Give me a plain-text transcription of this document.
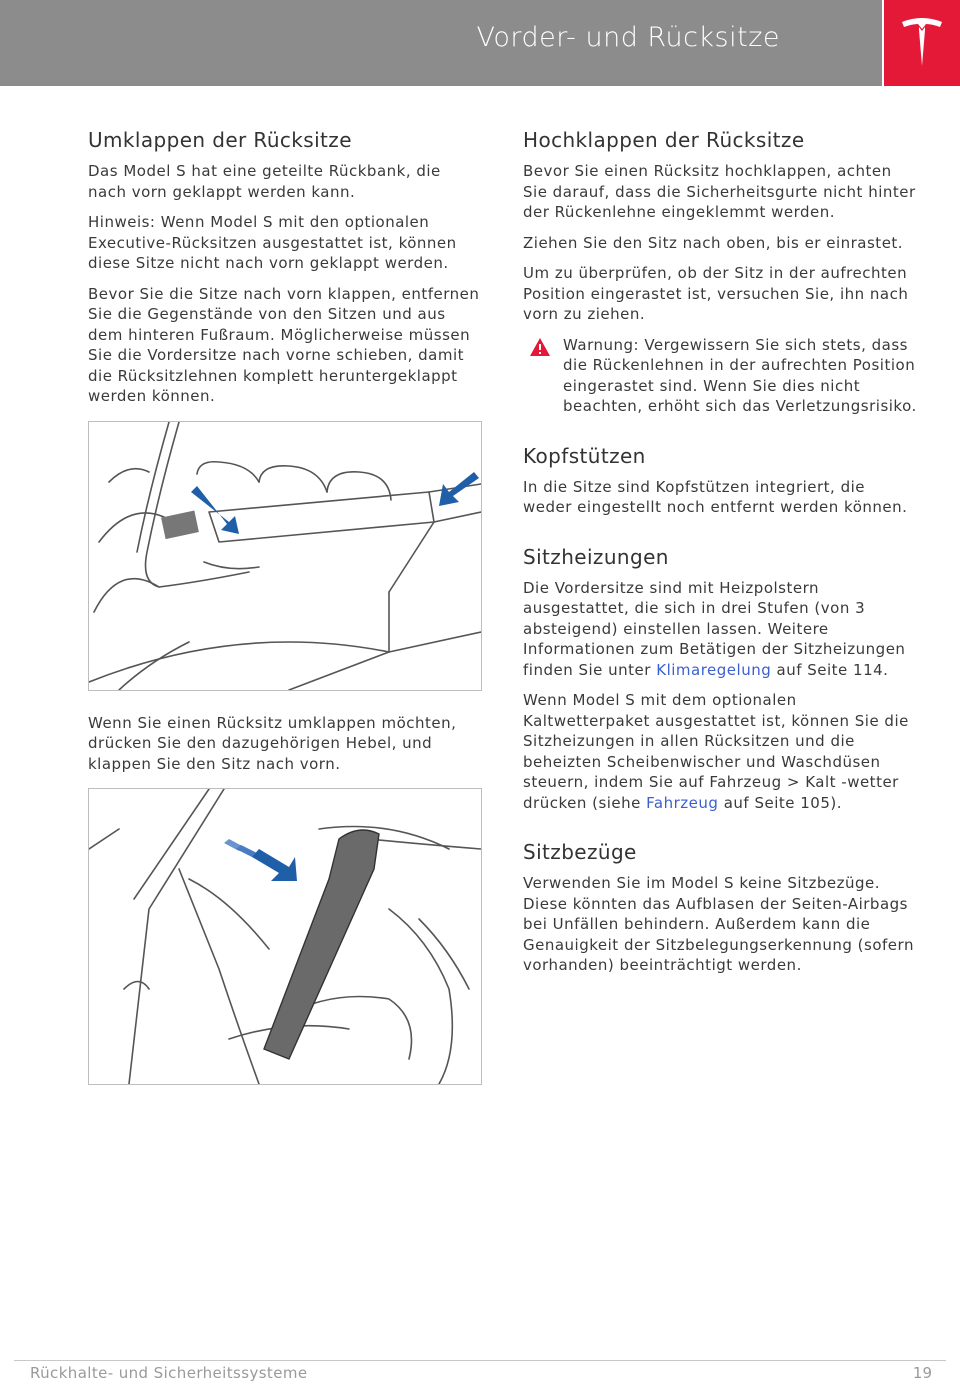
Vorder- und Rücksitze
Umklappen der Rücksitze

Das Model S hat eine geteilte Rückbank, die nach vorn geklappt werden kann.

Hinweis: Wenn Model S mit den optionalen Executive-Rücksitzen ausgestattet ist, können diese Sitze nicht nach vorn geklappt werden.

Bevor Sie die Sitze nach vorn klappen, entfernen Sie die Gegenstände von den Sitzen und aus dem hinteren Fußraum. Möglicherweise müssen Sie die Vordersitze nach vorne schieben, damit die Rücksitzlehnen komplett heruntergeklappt werden können.

Wenn Sie einen Rücksitz umklappen möchten, drücken Sie den dazugehörigen Hebel, und klappen Sie den Sitz nach vorn.

Hochklappen der Rücksitze

Bevor Sie einen Rücksitz hochklappen, achten Sie darauf, dass die Sicherheitsgurte nicht hinter der Rückenlehne eingeklemmt werden.

Ziehen Sie den Sitz nach oben, bis er einrastet.

Um zu überprüfen, ob der Sitz in der aufrechten Position eingerastet ist, versuchen Sie, ihn nach vorn zu ziehen.

Warnung: Vergewissern Sie sich stets, dass die Rückenlehnen in der aufrechten Position eingerastet sind. Wenn Sie dies nicht beachten, erhöht sich das Verletzungsrisiko.

Kopfstützen

In die Sitze sind Kopfstützen integriert, die weder eingestellt noch entfernt werden können.

Sitzheizungen

Die Vordersitze sind mit Heizpolstern ausgestattet, die sich in drei Stufen (von 3 absteigend) einstellen lassen. Weitere Informationen zum Betätigen der Sitzheizungen finden Sie unter Klimaregelung auf Seite 114.

Wenn Model S mit dem optionalen Kaltwetterpaket ausgestattet ist, können Sie die Sitzheizungen in allen Rücksitzen und die beheizten Scheibenwischer und Waschdüsen steuern, indem Sie auf Fahrzeug > Kalt -wetter drücken (siehe Fahrzeug auf Seite 105).

Sitzbezüge

Verwenden Sie im Model S keine Sitzbezüge. Diese könnten das Aufblasen der Seiten-Airbags bei Unfällen behindern. Außerdem kann die Genauigkeit der Sitzbelegungserkennung (sofern vorhanden) beeinträchtigt werden.

Rückhalte- und Sicherheitssysteme	19
